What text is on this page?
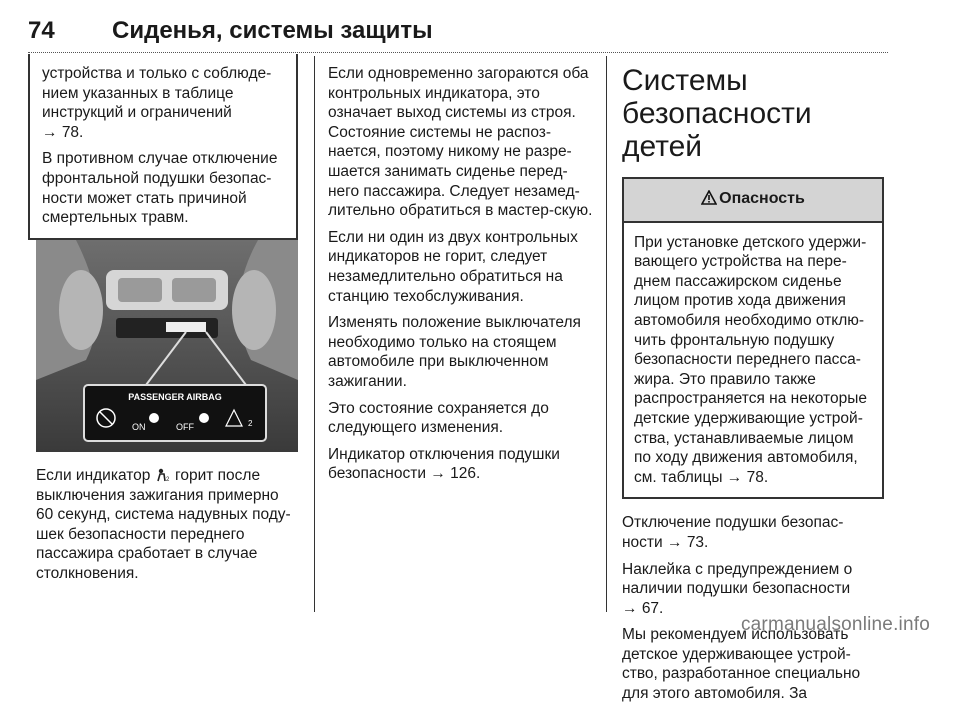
74 Сиденья, системы защиты

устройства и только с соблюде-нием указанных в таблице инструкций и ограничений
→ 78.

В противном случае отключение фронтальной подушки безопас-ности может стать причиной смертельных травм.

PASSENGER AIRBAG
ON	OFF	2

Если индикатор	2 горит после выключения зажигания примерно 60 секунд, система надувных поду-шек безопасности переднего пассажира сработает в случае столкновения.

Если одновременно загораются оба контрольных индикатора, это означает выход системы из строя. Состояние системы не распоз-нается, поэтому никому не разре-шается занимать сиденье перед-него пассажира. Следует незамед-лительно обратиться в мастер-скую.

Если ни один из двух контрольных индикаторов не горит, следует незамедлительно обратиться на станцию техобслуживания.

Изменять положение выключателя необходимо только на стоящем автомобиле при выключенном зажигании.

Это состояние сохраняется до следующего изменения.

Индикатор отключения подушки безопасности → 126.

Системы безопасности детей
Опасность
При установке детского удержи-вающего устройства на пере-днем пассажирском сиденье лицом против хода движения автомобиля необходимо отклю-чить фронтальную подушку безопасности переднего пасса-жира. Это правило также распространяется на некоторые детские удерживающие устрой-ства, устанавливаемые лицом по ходу движения автомобиля, см. таблицы → 78.

Отключение подушки безопас-ности → 73.

Наклейка с предупреждением о наличии подушки безопасности
→ 67.

Мы рекомендуем использовать детское удерживающее устрой-ство, разработанное специально для этого автомобиля. За

carmanualsonline.info
